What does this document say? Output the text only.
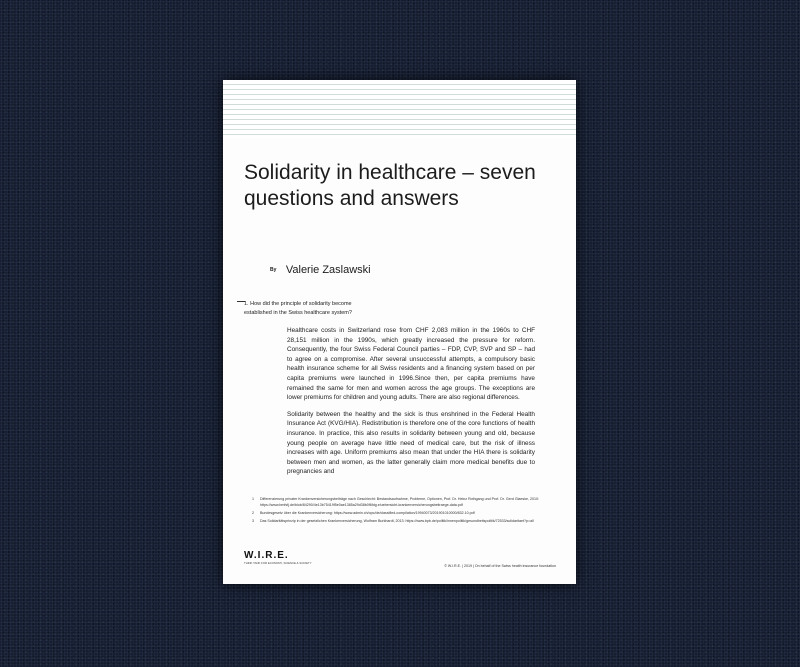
Solidarity in healthcare – seven questions and answers
By Valerie Zaslawski
1. How did the principle of solidarity become established in the Swiss healthcare system?

Healthcare costs in Switzerland rose from CHF 2,083 million in the 1960s to CHF 28,151 million in the 1990s, which greatly increased the pressure for reform. Consequently, the four Swiss Federal Council parties – FDP, CVP, SVP and SP – had to agree on a compromise. After several unsuccessful attempts, a compulsory basic health insurance scheme for all Swiss residents and a financing system based on per capita premiums were launched in 1996.Since then, per capita premiums have remained the same for men and women across the age groups. The exceptions are lower premiums for children and young adults. There are also regional differences.

Solidarity between the healthy and the sick is thus enshrined in the Federal Health Insurance Act (KVG/HIA). Redistribution is therefore one of the core functions of health insurance. In practice, this also results in solidarity between young and old, because young people on average have little need of medical care, but the risk of illness increases with age. Uniform premiums also mean that under the HIA there is solidarity between men and women, as the latter generally claim more medical benefits due to pregnancies and

1	Differenzierung privater Krankenversicherungsbeiträge nach Geschlecht: Bestandsaufnahme, Probleme, Optionen, Prof. Dr. Heinz Rothgang und Prof. Dr. Gerd Glaeske, 2010: https://www.bmfsfj.de/blob/84290/4e13b75419f5e0ae1385a29d38b0f6fdg.e/uebersicht-krankenversicherungsbeitraege-data.pdf
2	Bundesgesetz über die Krankenversicherung: https://www.admin.ch/opc/de/classified-compilation/19940073/201901010000/832.10.pdf
3	Das Solidaritätsprinzip in der gesetzlichen Krankenversicherung, Wolfram Burkhardt, 2013: https://www.bpb.de/politik/innenpolitik/gesundheitspolitik/72533/solidaritaet?p=all
W.I.R.E.
THINK TANK FOR ECONOMY, SCIENCE & SOCIETY
© W.I.R.E. | 2019 | On behalf of the Swiss health insurance foundation
